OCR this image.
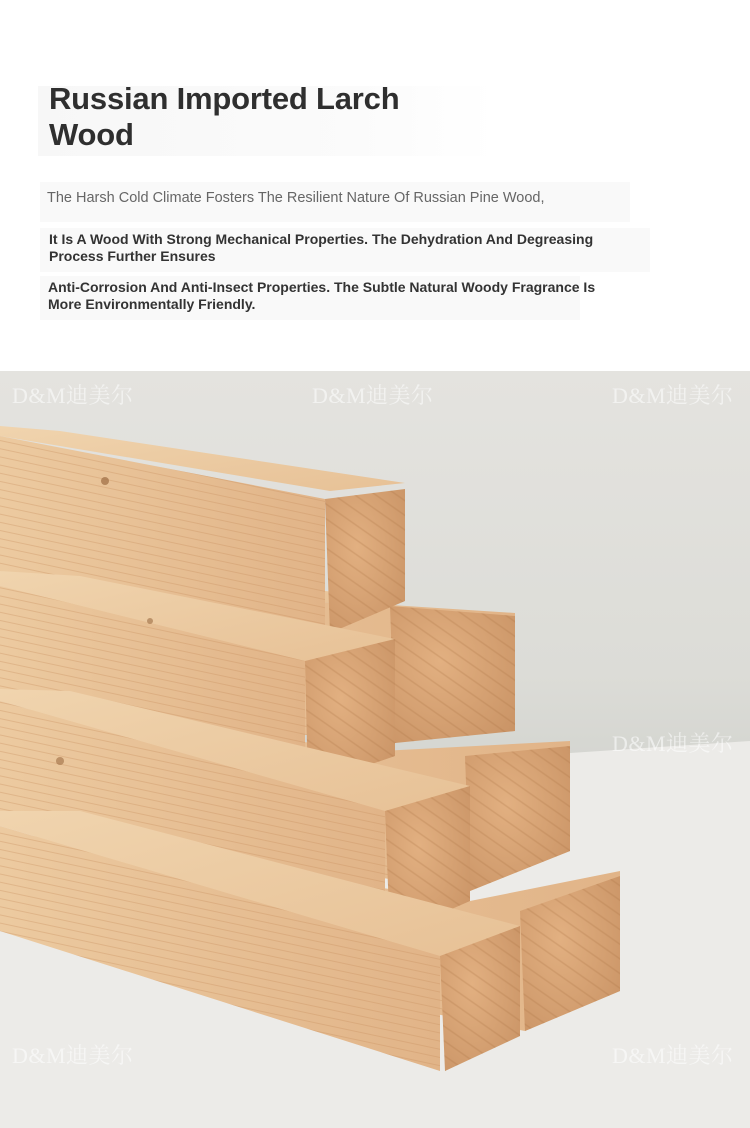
Russian Imported Larch Wood

The Harsh Cold Climate Fosters The Resilient Nature Of Russian Pine Wood,

It Is A Wood With Strong Mechanical Properties. The Dehydration And Degreasing Process Further Ensures

Anti-Corrosion And Anti-Insect Properties. The Subtle Natural Woody Fragrance Is More Environmentally Friendly.

D&M迪美尔	D&M迪美尔	D&M迪美尔
D&M迪美尔
D&M迪美尔	D&M迪美尔
